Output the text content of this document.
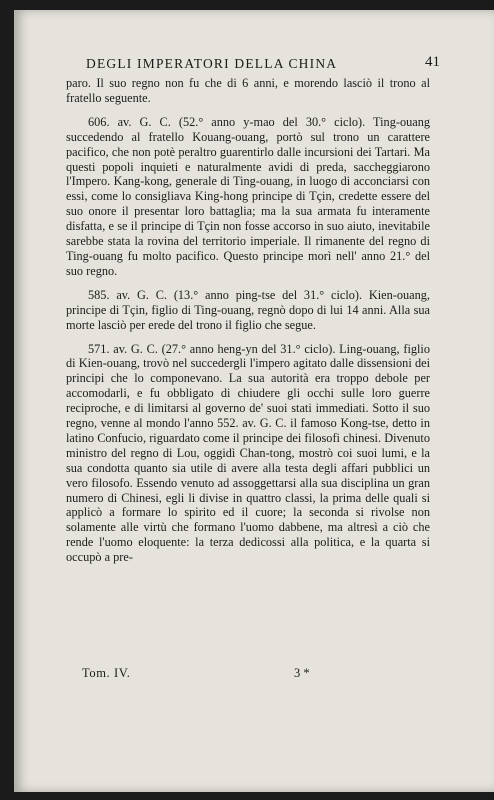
DEGLI IMPERATORI DELLA CHINA	41

paro. Il suo regno non fu che di 6 anni, e morendo lasciò il trono al fratello seguente.

606. av. G. C. (52.° anno y-mao del 30.° ciclo). Ting-ouang succedendo al fratello Kouang-ouang, portò sul trono un carattere pacifico, che non potè peraltro guarentirlo dalle incursioni dei Tartari. Ma questi popoli inquieti e naturalmente avidi di preda, saccheggiarono l'Impero. Kang-kong, generale di Ting-ouang, in luogo di acconciarsi con essi, come lo consigliava King-hong principe di Tçin, credette essere del suo onore il presentar loro battaglia; ma la sua armata fu interamente disfatta, e se il principe di Tçin non fosse accorso in suo aiuto, inevitabile sarebbe stata la rovina del territorio imperiale. Il rimanente del regno di Ting-ouang fu molto pacifico. Questo principe morì nell' anno 21.° del suo regno.

585. av. G. C. (13.° anno ping-tse del 31.° ciclo). Kien-ouang, principe di Tçin, figlio di Ting-ouang, regnò dopo di lui 14 anni. Alla sua morte lasciò per erede del trono il figlio che segue.

571. av. G. C. (27.° anno heng-yn del 31.° ciclo). Ling-ouang, figlio di Kien-ouang, trovò nel succedergli l'impero agitato dalle dissensioni dei principi che lo componevano. La sua autorità era troppo debole per accomodarli, e fu obbligato di chiudere gli occhi sulle loro guerre reciproche, e di limitarsi al governo de' suoi stati immediati. Sotto il suo regno, venne al mondo l'anno 552. av. G. C. il famoso Kong-tse, detto in latino Confucio, riguardato come il principe dei filosofi chinesi. Divenuto ministro del regno di Lou, oggidì Chan-tong, mostrò coi suoi lumi, e la sua condotta quanto sia utile di avere alla testa degli affari pubblici un vero filosofo. Essendo venuto ad assoggettarsi alla sua disciplina un gran numero di Chinesi, egli li divise in quattro classi, la prima delle quali si applicò a formare lo spirito ed il cuore; la seconda si rivolse non solamente alle virtù che formano l'uomo dabbene, ma altresì a ciò che rende l'uomo eloquente: la terza dedicossi alla politica, e la quarta si occupò a pre-

Tom. IV.	3 *
